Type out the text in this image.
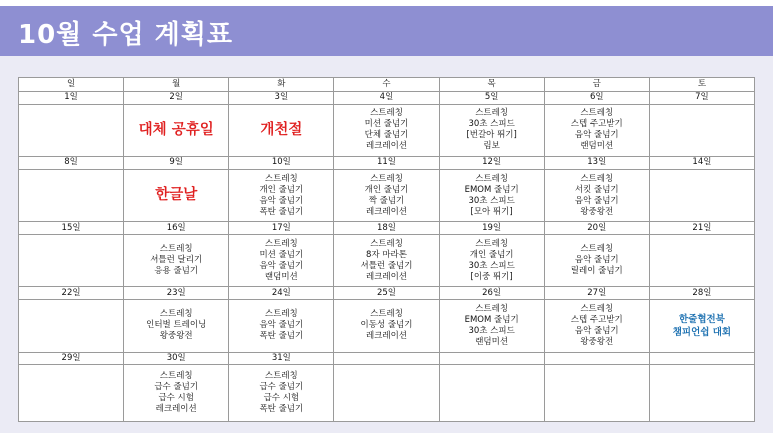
10월 수업 계획표
일	월	화	수	목	금	토
1일	2일	3일	4일	5일	6일	7일

	대체 공휴일	개천절	스트레칭
미션 줄넘기
단체 줄넘기
레크레이션	스트레칭
30초 스피드
[번갈아 뛰기]
림보	스트레칭
스텝 주고받기
음악 줄넘기
랜덤미션	

8일	9일	10일	11일	12일	13일	14일

	한글날	스트레칭
개인 줄넘기
음악 줄넘기
폭탄 줄넘기	스트레칭
개인 줄넘기
짝 줄넘기
레크레이션	스트레칭
EMOM 줄넘기
30초 스피드
[모아 뛰기]	스트레칭
서킷 줄넘기
음악 줄넘기
왕중왕전	

15일	16일	17일	18일	19일	20일	21일

	스트레칭
셔틀런 달리기
응용 줄넘기	스트레칭
미션 줄넘기
음악 줄넘기
랜덤미션	스트레칭
8자 마라톤
셔틀런 줄넘기
레크레이션	스트레칭
개인 줄넘기
30초 스피드
[이중 뛰기]	스트레칭
음악 줄넘기
릴레이 줄넘기	

22일	23일	24일	25일	26일	27일	28일

	스트레칭
인터벌 트레이닝
왕중왕전	스트레칭
음악 줄넘기
폭탄 줄넘기	스트레칭
이동성 줄넘기
레크레이션	스트레칭
EMOM 줄넘기
30초 스피드
랜덤미션	스트레칭
스텝 주고받기
음악 줄넘기
왕중왕전	한줄협전북
챔피언쉽 대회

29일	30일	31일				

	스트레칭
급수 줄넘기
급수 시험
레크레이션	스트레칭
급수 줄넘기
급수 시험
폭탄 줄넘기				
